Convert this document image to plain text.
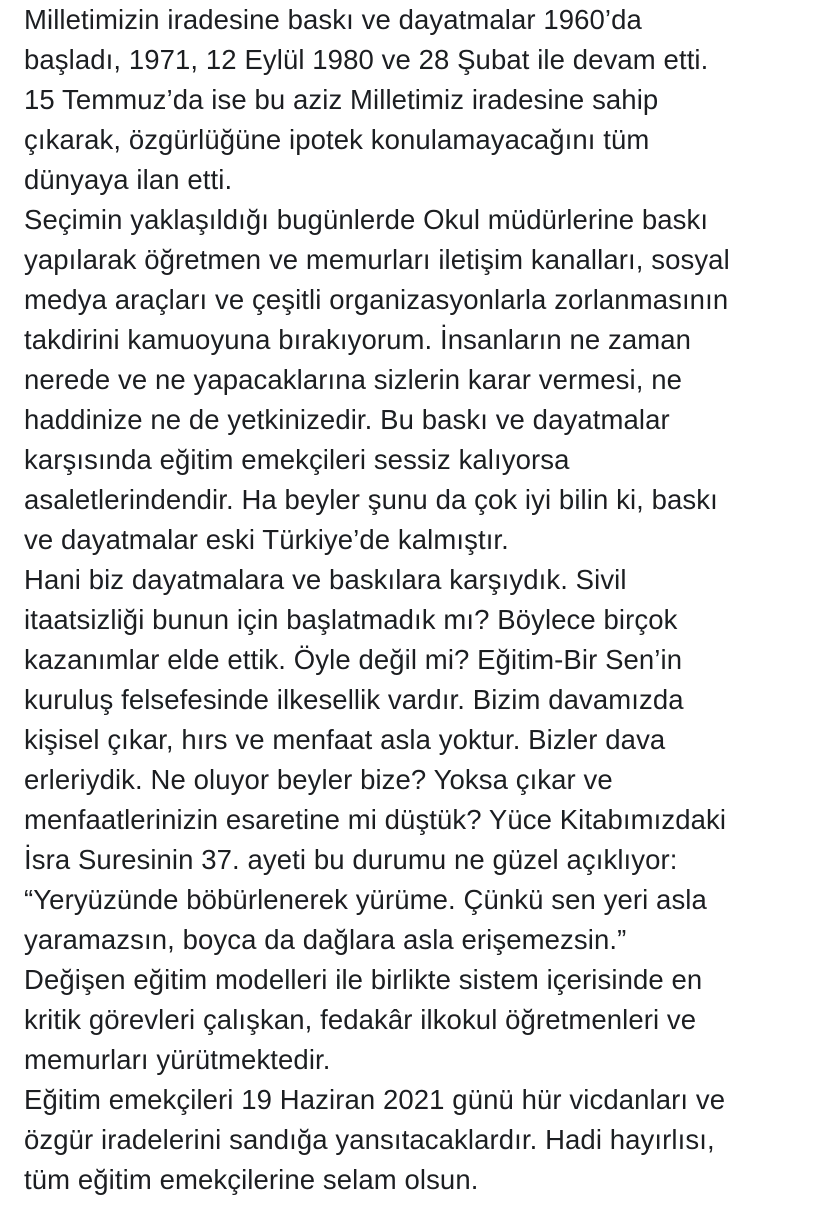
Milletimizin iradesine baskı ve dayatmalar 1960’da
başladı, 1971, 12 Eylül 1980 ve 28 Şubat ile devam etti.
15 Temmuz’da ise bu aziz Milletimiz iradesine sahip
çıkarak, özgürlüğüne ipotek konulamayacağını tüm
dünyaya ilan etti.
Seçimin yaklaşıldığı bugünlerde Okul müdürlerine baskı
yapılarak öğretmen ve memurları iletişim kanalları, sosyal
medya araçları ve çeşitli organizasyonlarla zorlanmasının
takdirini kamuoyuna bırakıyorum. İnsanların ne zaman
nerede ve ne yapacaklarına sizlerin karar vermesi, ne
haddinize ne de yetkinizedir. Bu baskı ve dayatmalar
karşısında eğitim emekçileri sessiz kalıyorsa
asaletlerindendir. Ha beyler şunu da çok iyi bilin ki, baskı
ve dayatmalar eski Türkiye’de kalmıştır.
Hani biz dayatmalara ve baskılara karşıydık. Sivil
itaatsizliği bunun için başlatmadık mı? Böylece birçok
kazanımlar elde ettik. Öyle değil mi? Eğitim-Bir Sen’in
kuruluş felsefesinde ilkesellik vardır. Bizim davamızda
kişisel çıkar, hırs ve menfaat asla yoktur. Bizler dava
erleriydik. Ne oluyor beyler bize? Yoksa çıkar ve
menfaatlerinizin esaretine mi düştük? Yüce Kitabımızdaki
İsra Suresinin 37. ayeti bu durumu ne güzel açıklıyor:
“Yeryüzünde böbürlenerek yürüme. Çünkü sen yeri asla
yaramazsın, boyca da dağlara asla erişemezsin.”
Değişen eğitim modelleri ile birlikte sistem içerisinde en
kritik görevleri çalışkan, fedakâr ilkokul öğretmenleri ve
memurları yürütmektedir.
Eğitim emekçileri 19 Haziran 2021 günü hür vicdanları ve
özgür iradelerini sandığa yansıtacaklardır. Hadi hayırlısı,
tüm eğitim emekçilerine selam olsun.
